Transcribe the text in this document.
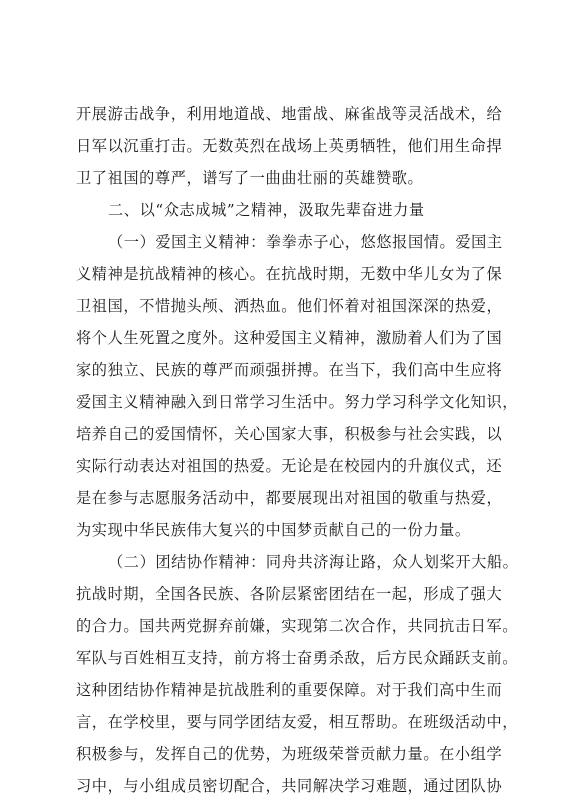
开展游击战争，利用地道战、地雷战、麻雀战等灵活战术，给
日军以沉重打击。无数英烈在战场上英勇牺牲，他们用生命捍
卫了祖国的尊严，谱写了一曲曲壮丽的英雄赞歌。
二、以“众志成城”之精神，汲取先辈奋进力量
（一）爱国主义精神：拳拳赤子心，悠悠报国情。爱国主
义精神是抗战精神的核心。在抗战时期，无数中华儿女为了保
卫祖国，不惜抛头颅、洒热血。他们怀着对祖国深深的热爱，
将个人生死置之度外。这种爱国主义精神，激励着人们为了国
家的独立、民族的尊严而顽强拼搏。在当下，我们高中生应将
爱国主义精神融入到日常学习生活中。努力学习科学文化知识，
培养自己的爱国情怀，关心国家大事，积极参与社会实践，以
实际行动表达对祖国的热爱。无论是在校园内的升旗仪式，还
是在参与志愿服务活动中，都要展现出对祖国的敬重与热爱，
为实现中华民族伟大复兴的中国梦贡献自己的一份力量。
（二）团结协作精神：同舟共济海让路，众人划桨开大船。
抗战时期，全国各民族、各阶层紧密团结在一起，形成了强大
的合力。国共两党摒弃前嫌，实现第二次合作，共同抗击日军。
军队与百姓相互支持，前方将士奋勇杀敌，后方民众踊跃支前。
这种团结协作精神是抗战胜利的重要保障。对于我们高中生而
言，在学校里，要与同学团结友爱，相互帮助。在班级活动中，
积极参与，发挥自己的优势，为班级荣誉贡献力量。在小组学
习中，与小组成员密切配合，共同解决学习难题，通过团队协
